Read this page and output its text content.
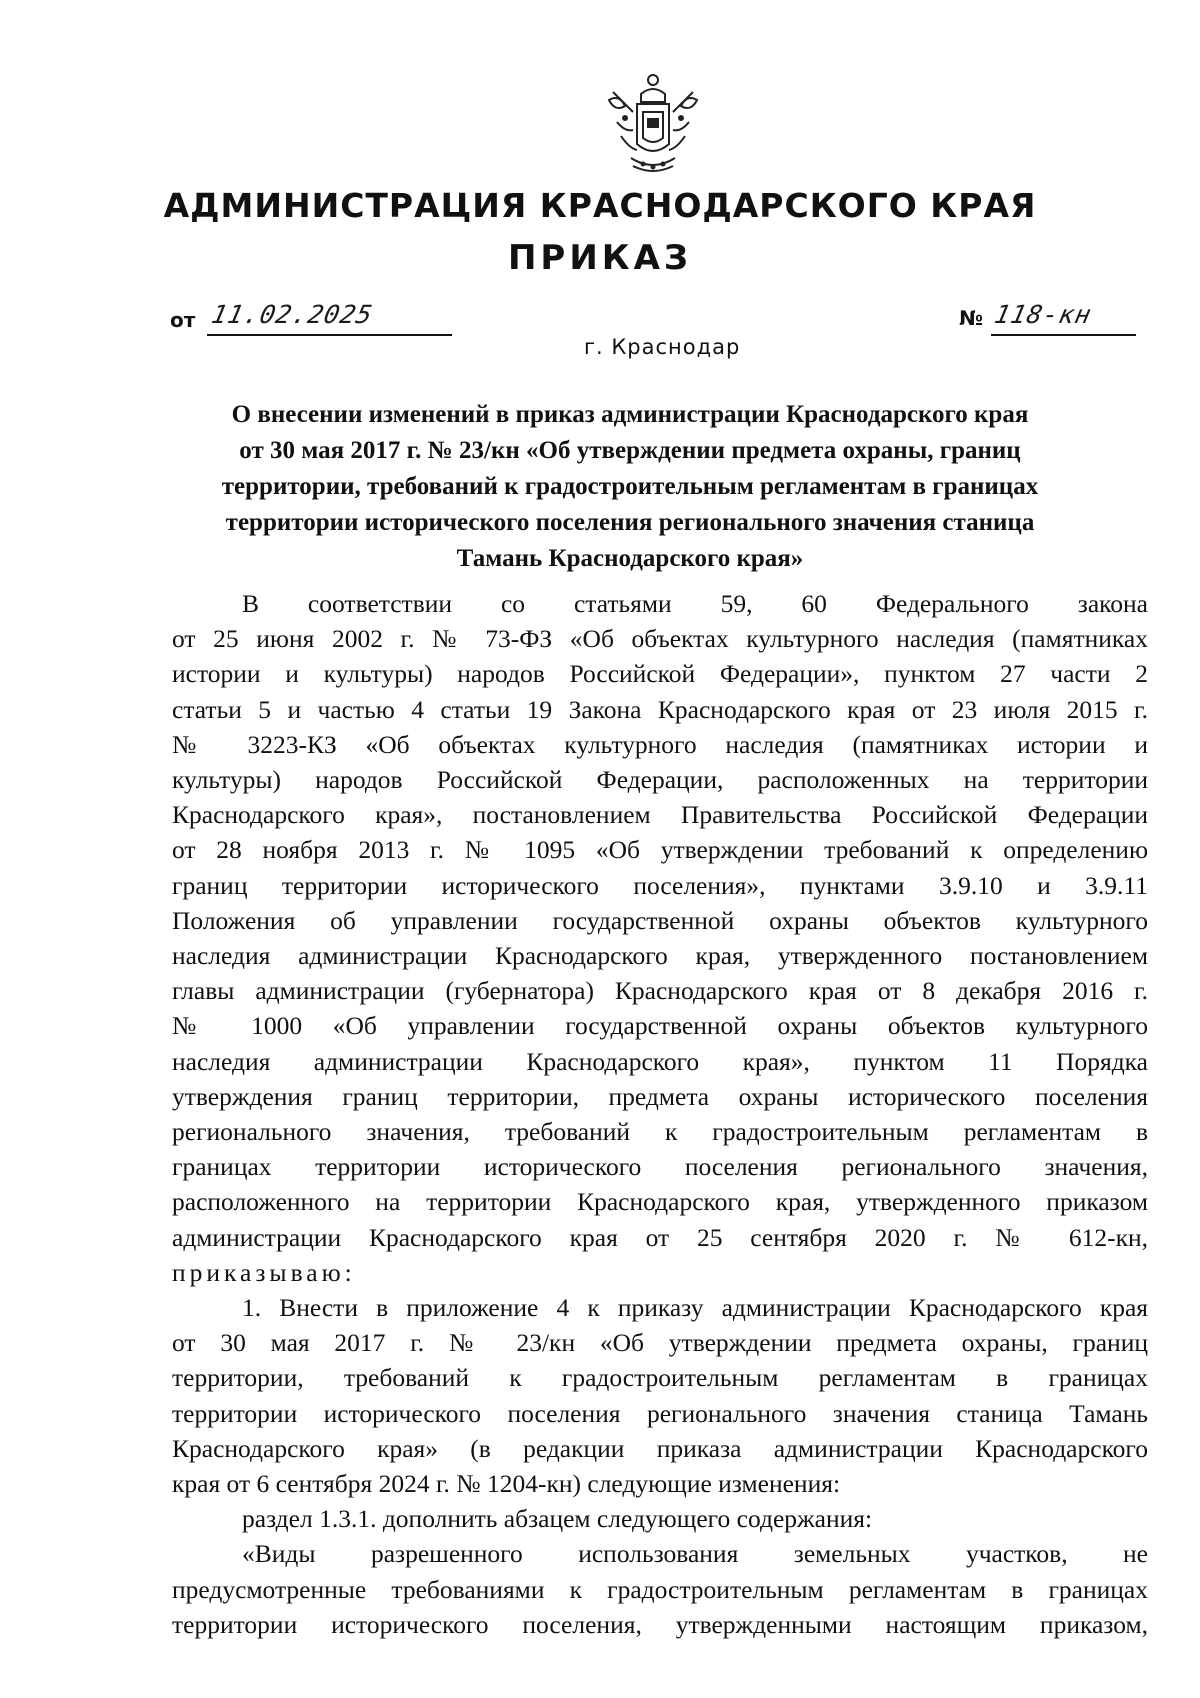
АДМИНИСТРАЦИЯ КРАСНОДАРСКОГО КРАЯ
ПРИКАЗ
от 11.02.2025
г. Краснодар
№ 118-кн
О внесении изменений в приказ администрации Краснодарского края
от 30 мая 2017 г. № 23/кн «Об утверждении предмета охраны, границ
территории, требований к градостроительным регламентам в границах
территории исторического поселения регионального значения станица
Тамань Краснодарского края»

В соответствии со статьями 59, 60 Федерального закона

от 25 июня 2002 г. № 73-ФЗ «Об объектах культурного наследия (памятниках

истории и культуры) народов Российской Федерации», пунктом 27 части 2

статьи 5 и частью 4 статьи 19 Закона Краснодарского края от 23 июля 2015 г.

№ 3223-КЗ «Об объектах культурного наследия (памятниках истории и

культуры) народов Российской Федерации, расположенных на территории

Краснодарского края», постановлением Правительства Российской Федерации

от 28 ноября 2013 г. № 1095 «Об утверждении требований к определению

границ территории исторического поселения», пунктами 3.9.10 и 3.9.11

Положения об управлении государственной охраны объектов культурного

наследия администрации Краснодарского края, утвержденного постановлением

главы администрации (губернатора) Краснодарского края от 8 декабря 2016 г.

№ 1000 «Об управлении государственной охраны объектов культурного

наследия администрации Краснодарского края», пунктом 11 Порядка

утверждения границ территории, предмета охраны исторического поселения

регионального значения, требований к градостроительным регламентам в

границах территории исторического поселения регионального значения,

расположенного на территории Краснодарского края, утвержденного приказом

администрации Краснодарского края от 25 сентября 2020 г. № 612-кн,

приказываю:

1. Внести в приложение 4 к приказу администрации Краснодарского края

от 30 мая 2017 г. № 23/кн «Об утверждении предмета охраны, границ

территории, требований к градостроительным регламентам в границах

территории исторического поселения регионального значения станица Тамань

Краснодарского края» (в редакции приказа администрации Краснодарского

края от 6 сентября 2024 г. № 1204-кн) следующие изменения:

раздел 1.3.1. дополнить абзацем следующего содержания:

«Виды разрешенного использования земельных участков, не

предусмотренные требованиями к градостроительным регламентам в границах

территории исторического поселения, утвержденными настоящим приказом,
